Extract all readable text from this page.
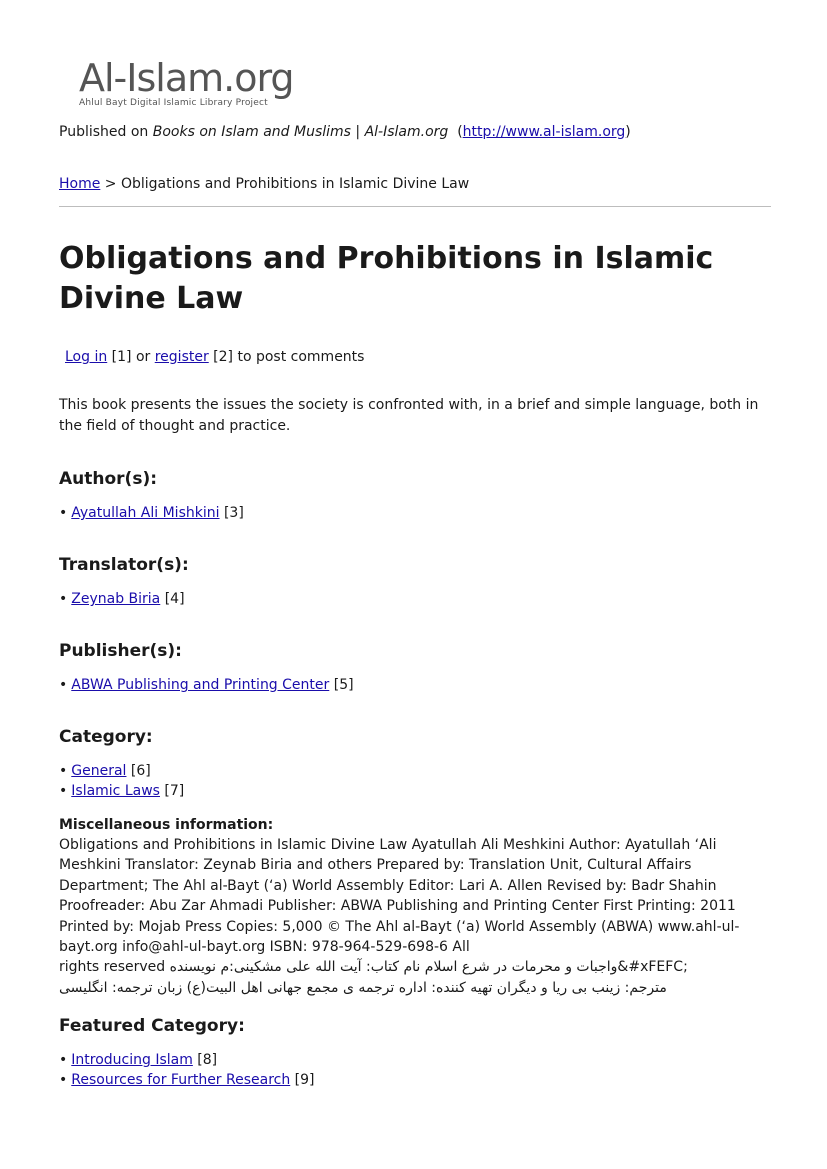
Al-Islam.org
Ahlul Bayt Digital Islamic Library Project
Published on Books on Islam and Muslims | Al-Islam.org (http://www.al-islam.org)
Home > Obligations and Prohibitions in Islamic Divine Law
Obligations and Prohibitions in Islamic Divine Law
Log in [1] or register [2] to post comments
This book presents the issues the society is confronted with, in a brief and simple language, both in the field of thought and practice.
Author(s):
• Ayatullah Ali Mishkini [3]
Translator(s):
• Zeynab Biria [4]
Publisher(s):
• ABWA Publishing and Printing Center [5]
Category:
• General [6]
• Islamic Laws [7]
Miscellaneous information:
Obligations and Prohibitions in Islamic Divine Law Ayatullah Ali Meshkini Author: Ayatullah ‘Ali Meshkini Translator: Zeynab Biria and others Prepared by: Translation Unit, Cultural Affairs Department; The Ahl al-Bayt (‘a) World Assembly Editor: Lari A. Allen Revised by: Badr Shahin Proofreader: Abu Zar Ahmadi Publisher: ABWA Publishing and Printing Center First Printing: 2011 Printed by: Mojab Press Copies: 5,000 © The Ahl al-Bayt (‘a) World Assembly (ABWA) www.ahl-ul-bayt.org info@ahl-ul-bayt.org ISBN: 978-964-529-698-6 All
rights reserved واجبات و محرمات در شرع اسلام نام کتاب: آیت الله علی مشکینی:م نویسنده&#xFEFC;
مترجم: زینب بی ریا و دیگران تهیه کننده: اداره ترجمه ی مجمع جهانی اهل البیت(ع) زبان ترجمه: انگلیسی
Featured Category:
• Introducing Islam [8]
• Resources for Further Research [9]
